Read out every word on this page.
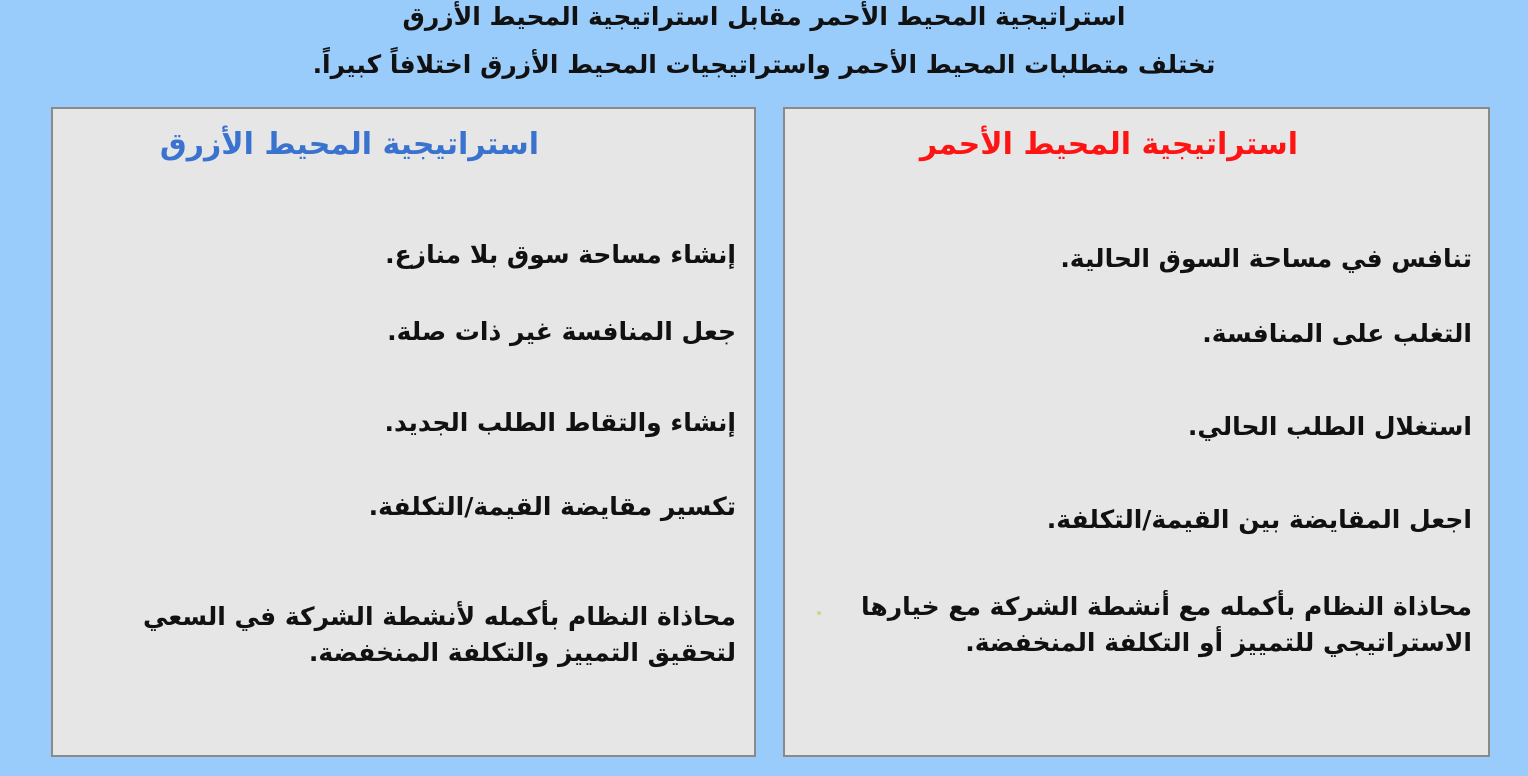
استراتيجية المحيط الأحمر مقابل استراتيجية المحيط الأزرق
تختلف متطلبات المحيط الأحمر واستراتيجيات المحيط الأزرق اختلافاً كبيراً.
استراتيجية المحيط الأزرق
إنشاء مساحة سوق بلا منازع.
جعل المنافسة غير ذات صلة.
إنشاء والتقاط الطلب الجديد.
تكسير مقايضة القيمة/التكلفة.
محاذاة النظام بأكمله لأنشطة الشركة في السعي
لتحقيق التمييز والتكلفة المنخفضة.
استراتيجية المحيط الأحمر
تنافس في مساحة السوق الحالية.
التغلب على المنافسة.
استغلال الطلب الحالي.
اجعل المقايضة بين القيمة/التكلفة.
محاذاة النظام بأكمله مع أنشطة الشركة مع خيارها
الاستراتيجي للتمييز أو التكلفة المنخفضة.
